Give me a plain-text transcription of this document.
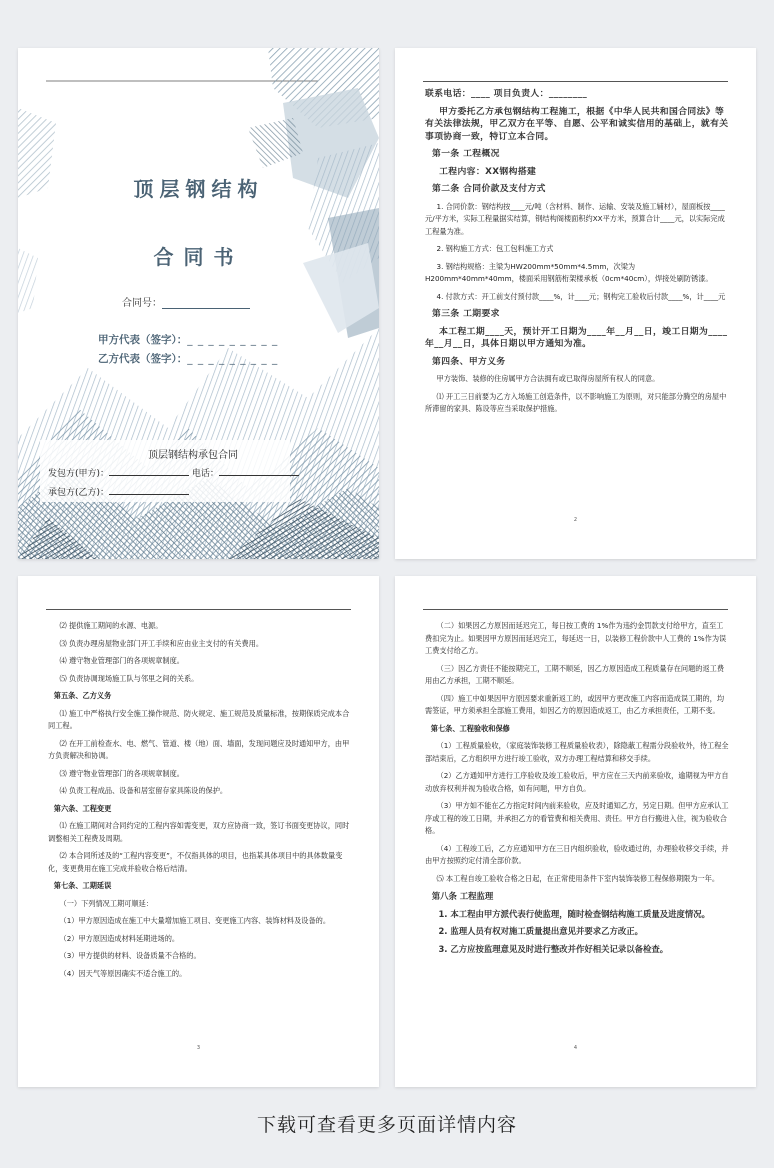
顶层钢结构
合同书
合同号：
甲方代表（签字）：_ _ _ _ _ _ _ _ _
乙方代表（签字）：_ _ _ _ _ _ _ _ _
顶层钢结构承包合同
发包方(甲方)：	电话：
承包方(乙方)：

联系电话：____ 项目负责人：________

甲方委托乙方承包钢结构工程施工，根据《中华人民共和国合同法》等有关法律法规，甲乙双方在平等、自愿、公平和诚实信用的基础上，就有关事项协商一致，特订立本合同。

第一条 工程概况

工程内容：XX钢构搭建

第二条 合同价款及支付方式

1. 合同价款：钢结构按____元/吨（含材料、制作、运输、安装及施工辅材），屋面板按____元/平方米，实际工程量据实结算，钢结构阁楼面积约XX平方米，预算合计____元，以实际完成工程量为准。

2. 钢构施工方式：包工包料施工方式

3. 钢结构规格：主梁为HW200mm*50mm*4.5mm，次梁为 H200mm*40mm*40mm，楼面采用钢筋桁架楼承板（0cm*40cm），焊接处刷防锈漆。

4. 付款方式：开工前支付预付款____%，计____元；钢构完工验收后付款____%，计____元

第三条 工期要求

本工程工期____天，预计开工日期为____年__月__日，竣工日期为____年__月__日，具体日期以甲方通知为准。

第四条、甲方义务

甲方装饰、装修的住房属甲方合法拥有或已取得房屋所有权人的同意。

⑴ 开工三日前要为乙方入场施工创造条件，以不影响施工为原则，对只能部分腾空的房屋中所滞留的家具、陈设等应当采取保护措施。

2

⑵ 提供施工期间的水源、电源。

⑶ 负责办理房屋物业部门开工手续和应由业主支付的有关费用。

⑷ 遵守物业管理部门的各项规章制度。

⑸ 负责协调现场施工队与邻里之间的关系。

第五条、乙方义务

⑴ 施工中严格执行安全施工操作规范、防火规定、施工规范及质量标准，按期保质完成本合同工程。

⑵ 在开工前检查水、电、燃气、管道、楼（地）面、墙面，发现问题应及时通知甲方，由甲方负责解决和协调。

⑶ 遵守物业管理部门的各项规章制度。

⑷ 负责工程成品、设备和居室留存家具陈设的保护。

第六条、工程变更

⑴ 在施工期间对合同约定的工程内容如需变更，双方应协商一致，签订书面变更协议，同时调整相关工程费及周期。

⑵ 本合同所述及的“工程内容变更”，不仅指具体的项目，也指某具体项目中的具体数量变化，变更费用在施工完成并验收合格后结清。

第七条、工期延误

（一）下列情况工期可顺延：

（1）甲方原因造成在施工中大量增加施工项目、变更施工内容、装饰材料及设备的。

（2）甲方原因造成材料延期进场的。

（3）甲方提供的材料、设备质量不合格的。

（4）因天气等原因确实不适合施工的。

3

（二）如果因乙方原因而延迟完工，每日按工费的 1%作为违约金罚款支付给甲方，直至工费扣完为止。如果因甲方原因而延迟完工，每延迟一日，以装修工程价款中人工费的 1%作为误工费支付给乙方。

（三）因乙方责任不能按期完工，工期不顺延，因乙方原因造成工程质量存在问题的返工费用由乙方承担，工期不顺延。

（四）施工中如果因甲方原因要求重新返工的，或因甲方更改施工内容而造成误工期的，均需签证，甲方须承担全部施工费用，如因乙方的原因造成返工，由乙方承担责任，工期不变。

第七条、工程验收和保修

（1）工程质量验收，（家庭装饰装修工程质量验收表），除隐蔽工程需分段验收外，待工程全部结束后，乙方组织甲方进行竣工验收，双方办理工程结算和移交手续。

（2）乙方通知甲方进行工序验收及竣工验收后，甲方应在三天内前来验收，逾期视为甲方自动放弃权利并视为验收合格，如有问题，甲方自负。

（3）甲方如不能在乙方指定时间内前来验收，应及时通知乙方，另定日期。但甲方应承认工序或工程的竣工日期，并承担乙方的看管费和相关费用、责任。甲方自行搬进入住，视为验收合格。

（4）工程竣工后，乙方应通知甲方在三日内组织验收，验收通过的，办理验收移交手续，并由甲方按照约定付清全部价款。

⑸ 本工程自竣工验收合格之日起，在正常使用条件下室内装饰装修工程保修期限为一年。

第八条 工程监理

1. 本工程由甲方派代表行使监理，随时检查钢结构施工质量及进度情况。

2. 监理人员有权对施工质量提出意见并要求乙方改正。

3. 乙方应按监理意见及时进行整改并作好相关记录以备检查。

4
下载可查看更多页面详情内容
